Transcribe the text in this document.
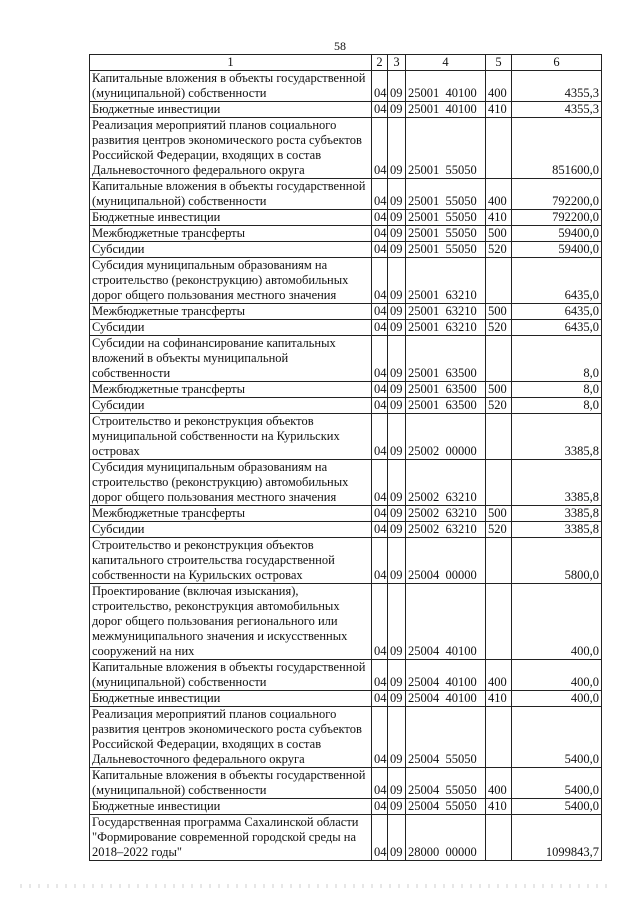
58
1	2	3	4	5	6
Капитальные вложения в объекты государственной (муниципальной) собственности	04	09	25001  40100	400	4355,3
Бюджетные инвестиции	04	09	25001  40100	410	4355,3
Реализация мероприятий планов социального развития центров экономического роста субъектов Российской Федерации, входящих в состав Дальневосточного федерального округа	04	09	25001  55050		851600,0
Капитальные вложения в объекты государственной (муниципальной) собственности	04	09	25001  55050	400	792200,0
Бюджетные инвестиции	04	09	25001  55050	410	792200,0
Межбюджетные трансферты	04	09	25001  55050	500	59400,0
Субсидии	04	09	25001  55050	520	59400,0
Субсидия муниципальным образованиям на строительство (реконструкцию) автомобильных дорог общего пользования местного значения	04	09	25001  63210		6435,0
Межбюджетные трансферты	04	09	25001  63210	500	6435,0
Субсидии	04	09	25001  63210	520	6435,0
Субсидии на софинансирование капитальных вложений в объекты муниципальной собственности	04	09	25001  63500		8,0
Межбюджетные трансферты	04	09	25001  63500	500	8,0
Субсидии	04	09	25001  63500	520	8,0
Строительство и реконструкция объектов муниципальной собственности на Курильских островах	04	09	25002  00000		3385,8
Субсидия муниципальным образованиям на строительство (реконструкцию) автомобильных дорог общего пользования местного значения	04	09	25002  63210		3385,8
Межбюджетные трансферты	04	09	25002  63210	500	3385,8
Субсидии	04	09	25002  63210	520	3385,8
Строительство и реконструкция объектов капитального строительства государственной собственности на Курильских островах	04	09	25004  00000		5800,0
Проектирование (включая изыскания), строительство, реконструкция автомобильных дорог общего пользования регионального или межмуниципального значения и искусственных сооружений на них	04	09	25004  40100		400,0
Капитальные вложения в объекты государственной (муниципальной) собственности	04	09	25004  40100	400	400,0
Бюджетные инвестиции	04	09	25004  40100	410	400,0
Реализация мероприятий планов социального развития центров экономического роста субъектов Российской Федерации, входящих в состав Дальневосточного федерального округа	04	09	25004  55050		5400,0
Капитальные вложения в объекты государственной (муниципальной) собственности	04	09	25004  55050	400	5400,0
Бюджетные инвестиции	04	09	25004  55050	410	5400,0
Государственная программа Сахалинской области "Формирование современной городской среды на 2018–2022 годы"	04	09	28000  00000		1099843,7
